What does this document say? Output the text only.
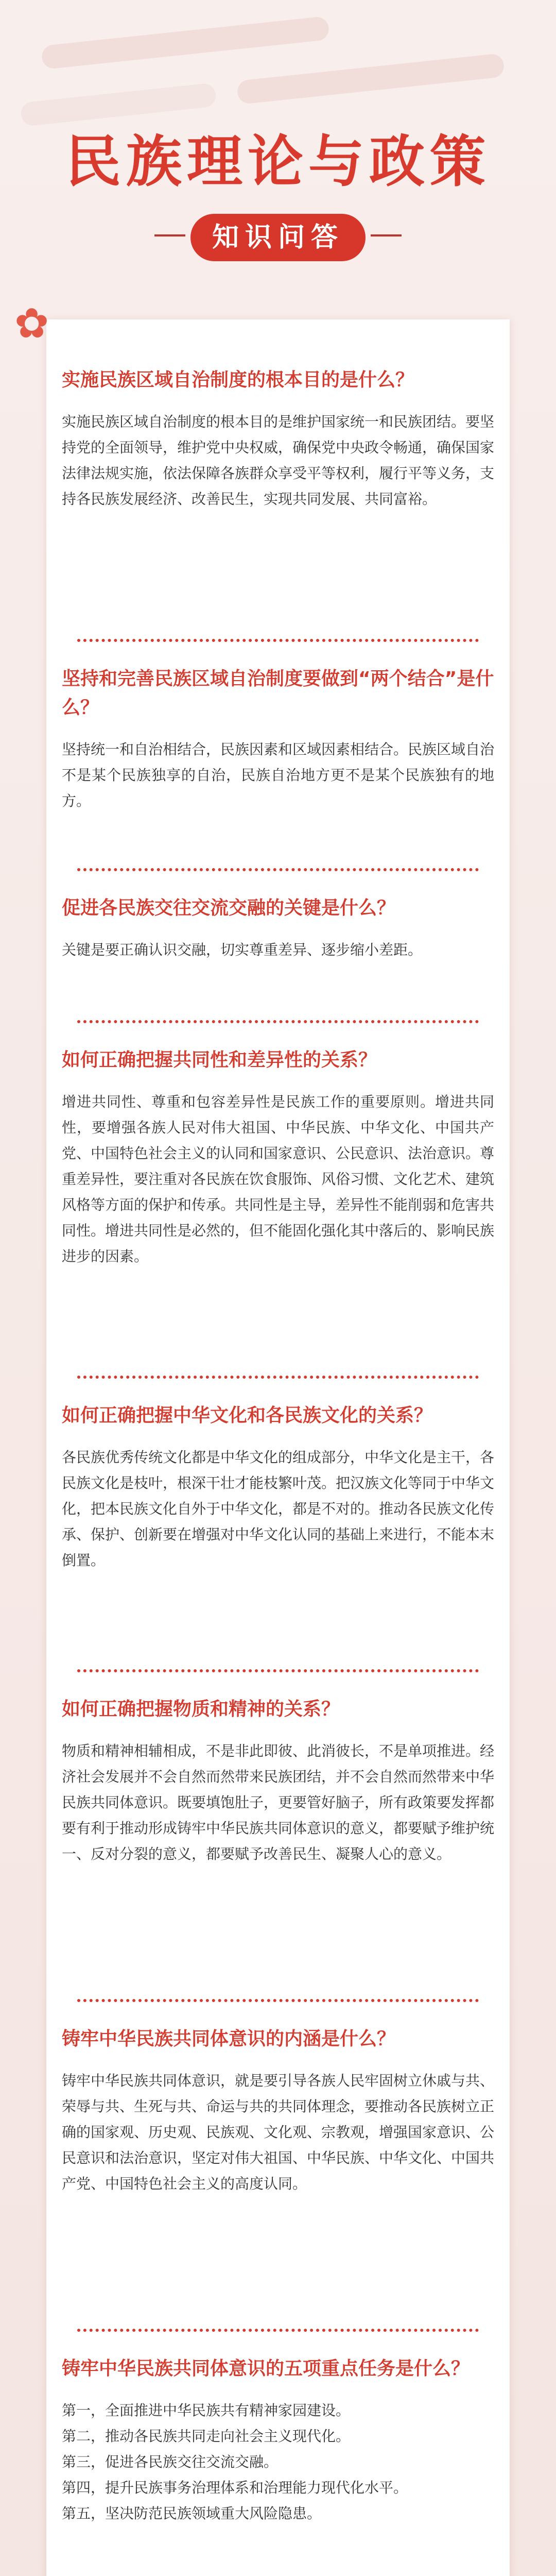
民族理论与政策
知识问答
实施民族区域自治制度的根本目的是什么？

实施民族区域自治制度的根本目的是维护国家统一和民族团结。要坚持党的全面领导，维护党中央权威，确保党中央政令畅通，确保国家法律法规实施，依法保障各族群众享受平等权利，履行平等义务，支持各民族发展经济、改善民生，实现共同发展、共同富裕。

坚持和完善民族区域自治制度要做到“两个结合”是什么？

坚持统一和自治相结合，民族因素和区域因素相结合。民族区域自治不是某个民族独享的自治，民族自治地方更不是某个民族独有的地方。

促进各民族交往交流交融的关键是什么？

关键是要正确认识交融，切实尊重差异、逐步缩小差距。

如何正确把握共同性和差异性的关系？

增进共同性、尊重和包容差异性是民族工作的重要原则。增进共同性，要增强各族人民对伟大祖国、中华民族、中华文化、中国共产党、中国特色社会主义的认同和国家意识、公民意识、法治意识。尊重差异性，要注重对各民族在饮食服饰、风俗习惯、文化艺术、建筑风格等方面的保护和传承。共同性是主导，差异性不能削弱和危害共同性。增进共同性是必然的，但不能固化强化其中落后的、影响民族进步的因素。

如何正确把握中华文化和各民族文化的关系？

各民族优秀传统文化都是中华文化的组成部分，中华文化是主干，各民族文化是枝叶，根深干壮才能枝繁叶茂。把汉族文化等同于中华文化，把本民族文化自外于中华文化，都是不对的。推动各民族文化传承、保护、创新要在增强对中华文化认同的基础上来进行，不能本末倒置。

如何正确把握物质和精神的关系？

物质和精神相辅相成，不是非此即彼、此消彼长，不是单项推进。经济社会发展并不会自然而然带来民族团结，并不会自然而然带来中华民族共同体意识。既要填饱肚子，更要管好脑子，所有政策要发挥都要有利于推动形成铸牢中华民族共同体意识的意义，都要赋予维护统一、反对分裂的意义，都要赋予改善民生、凝聚人心的意义。

铸牢中华民族共同体意识的内涵是什么？

铸牢中华民族共同体意识，就是要引导各族人民牢固树立休戚与共、荣辱与共、生死与共、命运与共的共同体理念，要推动各民族树立正确的国家观、历史观、民族观、文化观、宗教观，增强国家意识、公民意识和法治意识，坚定对伟大祖国、中华民族、中华文化、中国共产党、中国特色社会主义的高度认同。

铸牢中华民族共同体意识的五项重点任务是什么？

第一，全面推进中华民族共有精神家园建设。

第二，推动各民族共同走向社会主义现代化。

第三，促进各民族交往交流交融。

第四，提升民族事务治理体系和治理能力现代化水平。

第五，坚决防范民族领域重大风险隐患。

✿
